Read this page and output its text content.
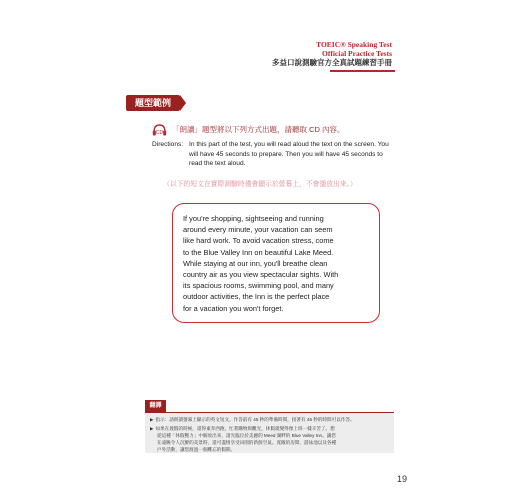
TOEIC® Speaking Test
Official Practice Tests
多益口說測驗官方全真試題練習手冊
題型範例
CD 「朗讀」題型將以下列方式出題，請聽取 CD 內容。
Directions: In this part of the test, you will read aloud the text on the screen. You
will have 45 seconds to prepare. Then you will have 45 seconds to
read the text aloud.
（以下的短文在實際測驗時僅會顯示於螢幕上，不會播放出來。）
If you're shopping, sightseeing and running
around every minute, your vacation can seem
like hard work. To avoid vacation stress, come
to the Blue Valley Inn on beautiful Lake Meed.
While staying at our inn, you'll breathe clean
country air as you view spectacular sights. With
its spacious rooms, swimming pool, and many
outdoor activities, the Inn is the perfect place
for a vacation you won't forget.
翻譯
▶ 指示：請朗讀螢幕上顯示的英文短文。作答前有 45 秒的準備時間，接著有 45 秒的時間可以作答。
▶ 如果在渡假的時候，還得東奔西跑，忙著購物與觀光，休假就變得像上班一樣辛苦了。想
從這種「休假壓力」中解放出來，請光臨位於美麗的 Meed 湖畔的 Blue Valley Inn。讓您
在遠眺令人沉醉的美景時，還可盡情享受田園的新鮮空氣。寬敞的房間、游泳池以及各種
戶外活動，讓您渡過一個難忘的假期。
19
